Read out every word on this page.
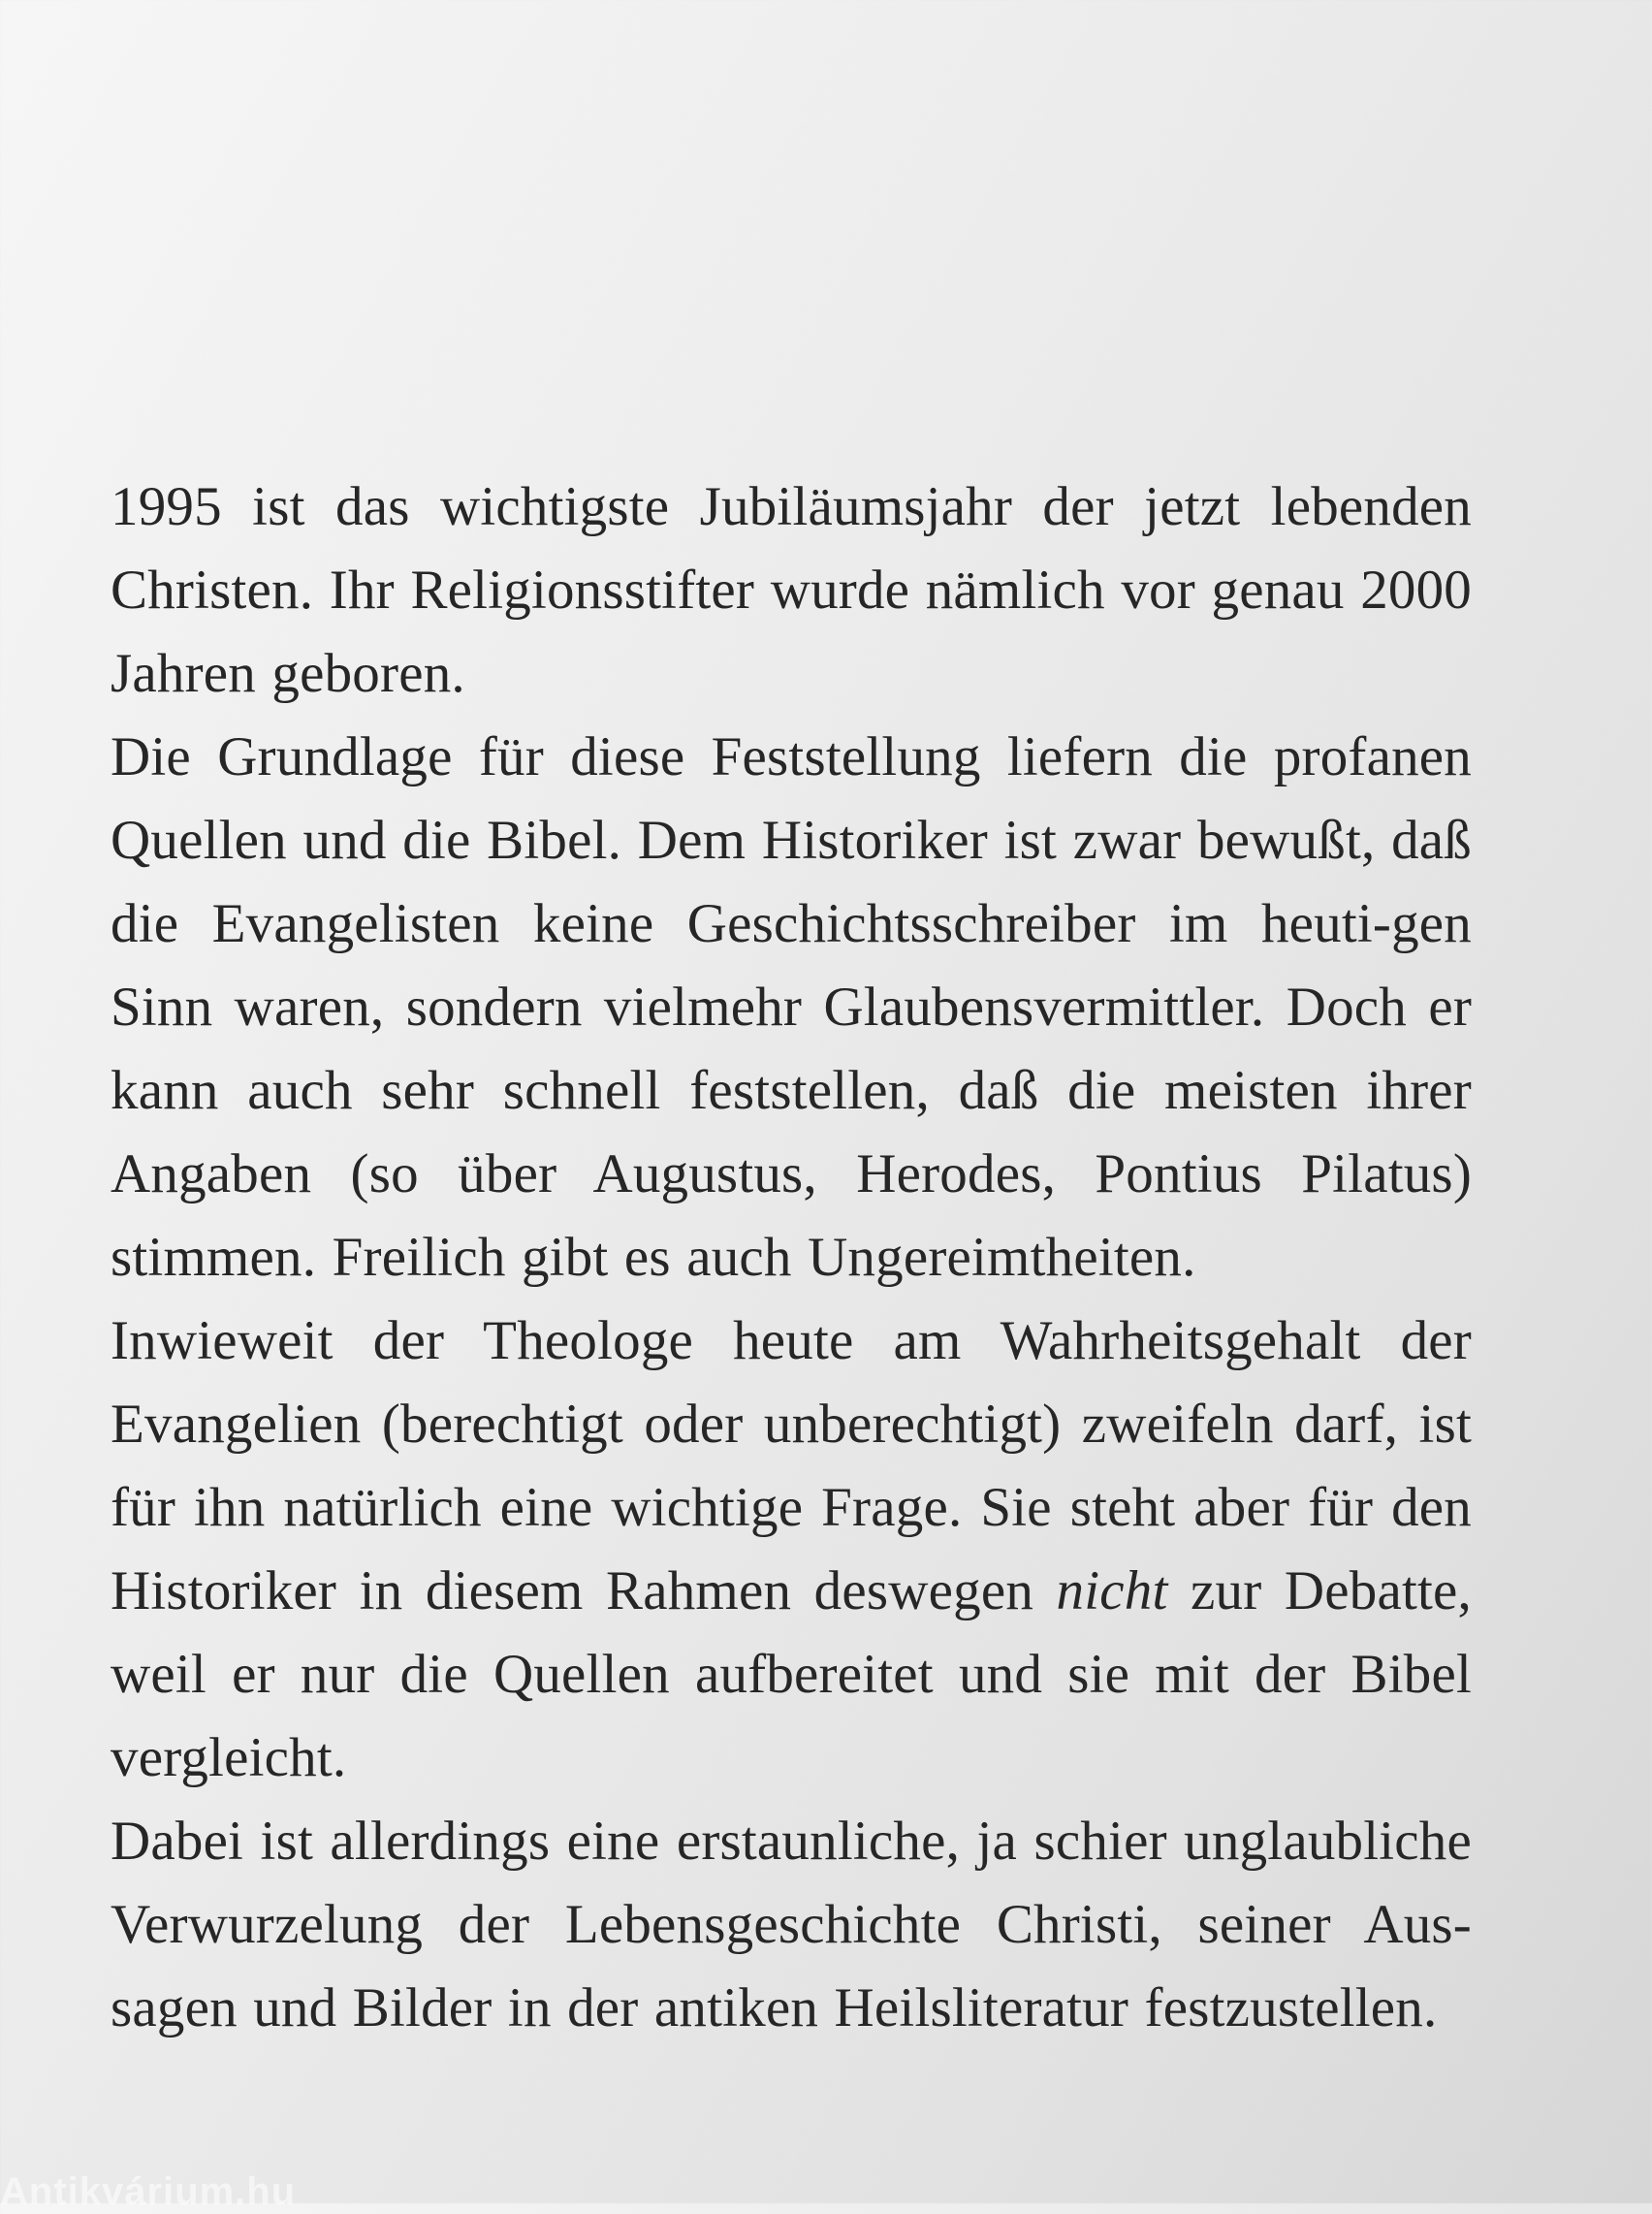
1995 ist das wichtigste Jubiläumsjahr der jetzt lebenden Christen. Ihr Religionsstifter wurde nämlich vor genau 2000 Jahren geboren.

Die Grundlage für diese Feststellung liefern die profanen Quellen und die Bibel. Dem Historiker ist zwar bewußt, daß die Evangelisten keine Geschichtsschreiber im heuti-gen Sinn waren, sondern vielmehr Glaubensvermittler. Doch er kann auch sehr schnell feststellen, daß die meisten ihrer Angaben (so über Augustus, Herodes, Pontius Pilatus) stimmen. Freilich gibt es auch Ungereimtheiten.

Inwieweit der Theologe heute am Wahrheitsgehalt der Evangelien (berechtigt oder unberechtigt) zweifeln darf, ist für ihn natürlich eine wichtige Frage. Sie steht aber für den Historiker in diesem Rahmen deswegen nicht zur Debatte, weil er nur die Quellen aufbereitet und sie mit der Bibel vergleicht.

Dabei ist allerdings eine erstaunliche, ja schier unglaubliche Verwurzelung der Lebensgeschichte Christi, seiner Aus-sagen und Bilder in der antiken Heilsliteratur festzustellen.

Antikvárium.hu
